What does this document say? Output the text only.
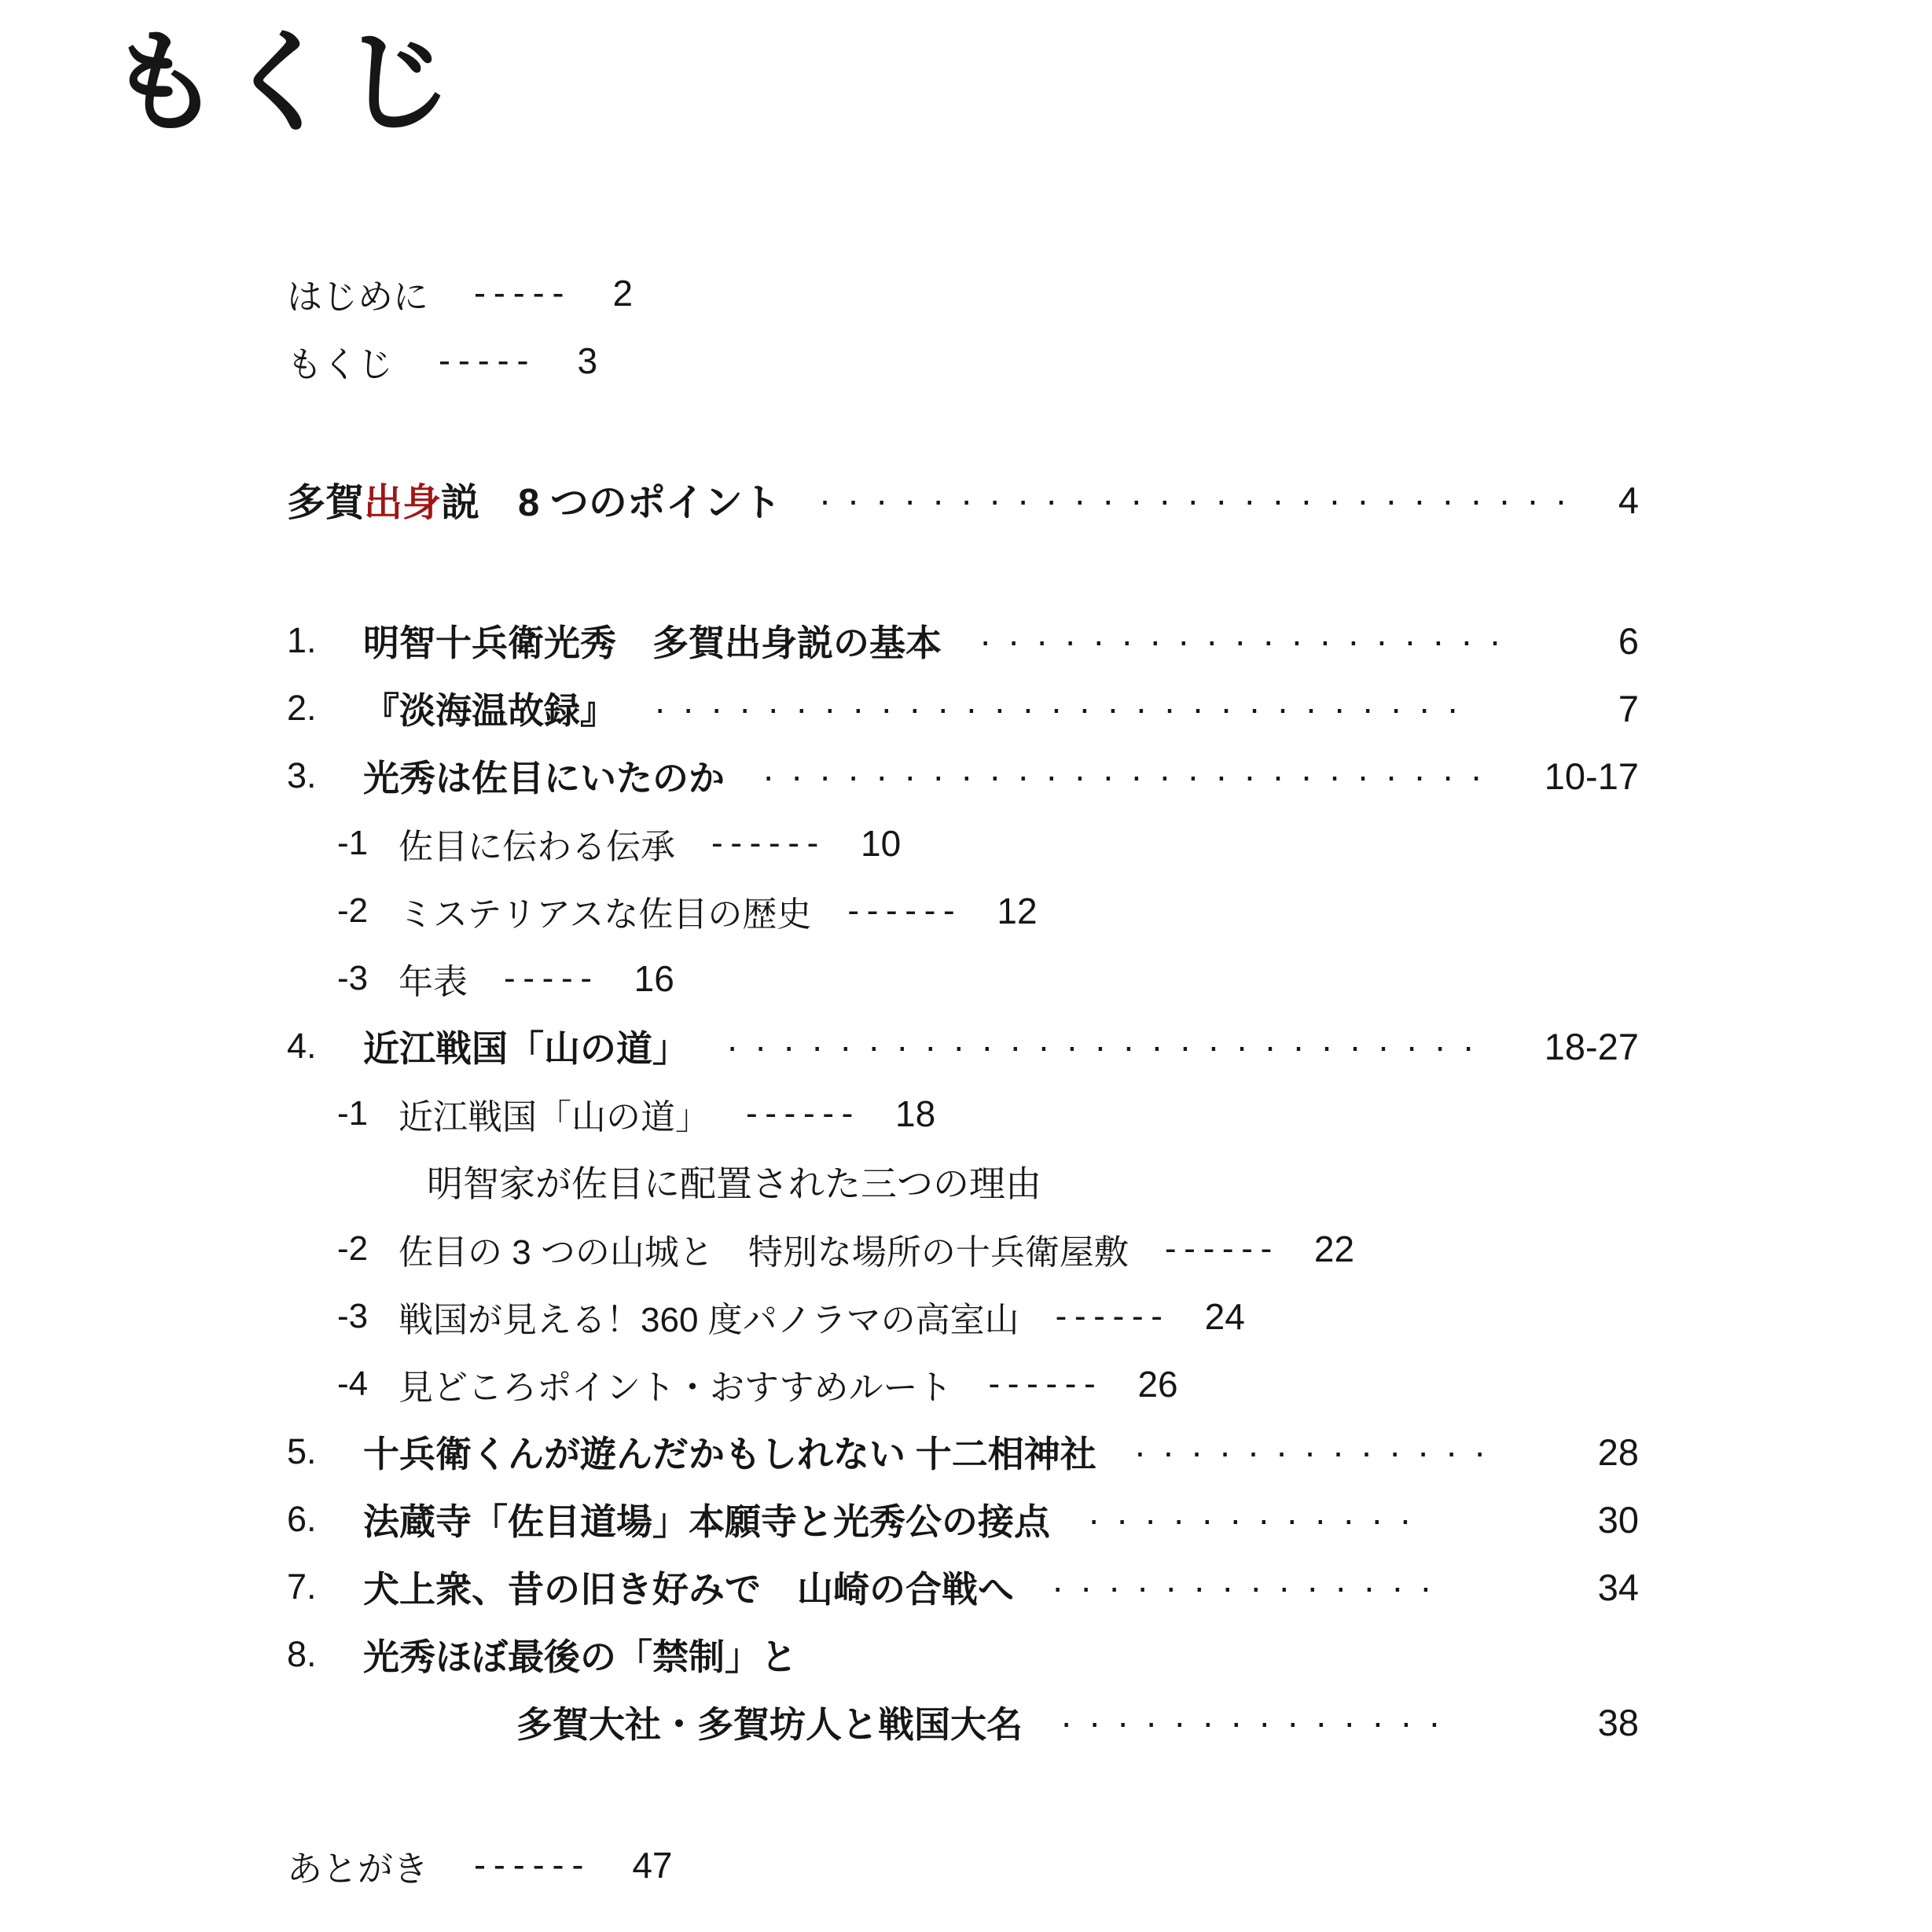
もくじ
はじめに ----- 2
もくじ ----- 3
多賀 出身 説　8 つのポイント ··························· 4
1.	明智十兵衛光秀　多賀出身説の基本 ···················	6
2.	『淡海温故録』 ·····························	7
3.	光秀は佐目にいたのか ·························· 10-17
-1 佐目に伝わる伝承 ------ 10
-2 ミステリアスな佐目の歴史 ------ 12
-3 年表 ----- 16
4.	近江戦国「山の道」 ··························· 18-27
-1 近江戦国「山の道」 ------ 18
明智家が佐目に配置された三つの理由
-2 佐目の 3 つの山城と　特別な場所の十兵衛屋敷 ------ 22
-3 戦国が見える！360 度パノラマの高室山 ------ 24
-4 見どころポイント・おすすめルート ------ 26
5.	十兵衛くんが遊んだかもしれない 十二相神社 ·············	28
6.	法蔵寺「佐目道場」本願寺と光秀公の接点 ············	30
7.	犬上衆、昔の旧き好みで　山崎の合戦へ ··············	34
8.	光秀ほぼ最後の「禁制」と
多賀大社・多賀坊人と戦国大名 ··············	38
あとがき ------ 47
